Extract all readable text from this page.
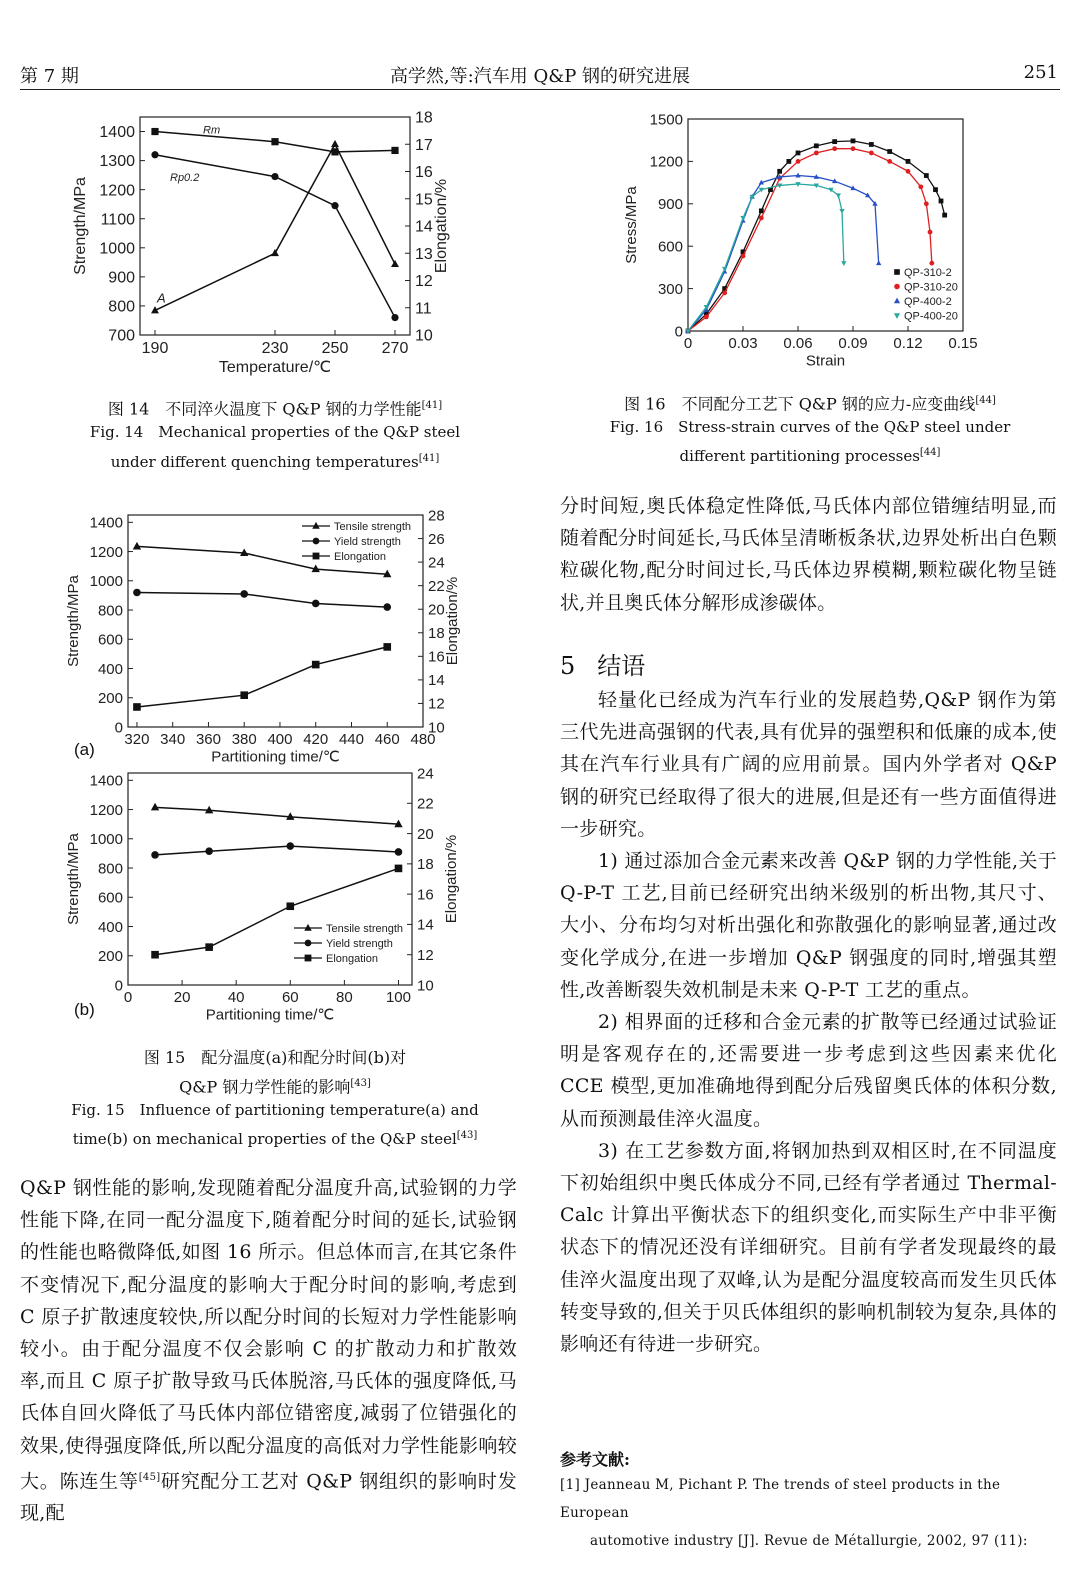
第 7 期	高学然,等:汽车用 Q&P 钢的研究进展	251
190	230 250 270
700
800
900
1000
1100
1200
1300
1400
10
11
12
13
14
15
16
17
18
Temperature/℃
Strength/MPa	Elongation/%
Rm
Rp0.2
A
图 14　不同淬火温度下 Q&P 钢的力学性能[41]
Fig. 14　Mechanical properties of the Q&P steel
under different quenching temperatures[41]
320 340 360 380 400 420 440 460 480
0
200
400
600
800
1000
1200
1400
10
12
14
16
18
20
22
24
26
28
Partitioning time/℃
Strength/MPa	Elongation/%
Tensile strength
Yield strength
Elongation
(a)
0	20 40 60 80 100
0
200
400
600
800
1000
1200
1400
10
12
14
16
18
20
22
24
Partitioning time/℃
Strength/MPa	Elongation/%
Tensile strength
Yield strength
Elongation
(b)
图 15　配分温度(a)和配分时间(b)对
Q&P 钢力学性能的影响[43]
Fig. 15　Influence of partitioning temperature(a) and
time(b) on mechanical properties of the Q&P steel[43]
0 0.03 0.06 0.09 0.12 0.15
0
300
600
900
1200
1500
Strain
Stress/MPa
QP-310-2
QP-310-20
QP-400-2
QP-400-20
图 16　不同配分工艺下 Q&P 钢的应力-应变曲线[44]
Fig. 16　Stress-strain curves of the Q&P steel under
different partitioning processes[44]

Q&P 钢性能的影响,发现随着配分温度升高,试验钢的力学性能下降,在同一配分温度下,随着配分时间的延长,试验钢的性能也略微降低,如图 16 所示。但总体而言,在其它条件不变情况下,配分温度的影响大于配分时间的影响,考虑到 C 原子扩散速度较快,所以配分时间的长短对力学性能影响较小。由于配分温度不仅会影响 C 的扩散动力和扩散效率,而且 C 原子扩散导致马氏体脱溶,马氏体的强度降低,马氏体自回火降低了马氏体内部位错密度,减弱了位错强化的效果,使得强度降低,所以配分温度的高低对力学性能影响较大。陈连生等[45]研究配分工艺对 Q&P 钢组织的影响时发现,配

分时间短,奥氏体稳定性降低,马氏体内部位错缠结明显,而随着配分时间延长,马氏体呈清晰板条状,边界处析出白色颗粒碳化物,配分时间过长,马氏体边界模糊,颗粒碳化物呈链状,并且奥氏体分解形成渗碳体。

5 结语

轻量化已经成为汽车行业的发展趋势,Q&P 钢作为第三代先进高强钢的代表,具有优异的强塑积和低廉的成本,使其在汽车行业具有广阔的应用前景。国内外学者对 Q&P 钢的研究已经取得了很大的进展,但是还有一些方面值得进一步研究。

1) 通过添加合金元素来改善 Q&P 钢的力学性能,关于 Q-P-T 工艺,目前已经研究出纳米级别的析出物,其尺寸、大小、分布均匀对析出强化和弥散强化的影响显著,通过改变化学成分,在进一步增加 Q&P 钢强度的同时,增强其塑性,改善断裂失效机制是未来 Q-P-T 工艺的重点。

2) 相界面的迁移和合金元素的扩散等已经通过试验证明是客观存在的,还需要进一步考虑到这些因素来优化 CCE 模型,更加准确地得到配分后残留奥氏体的体积分数,从而预测最佳淬火温度。

3) 在工艺参数方面,将钢加热到双相区时,在不同温度下初始组织中奥氏体成分不同,已经有学者通过 Thermal-Calc 计算出平衡状态下的组织变化,而实际生产中非平衡状态下的情况还没有详细研究。目前有学者发现最终的最佳淬火温度出现了双峰,认为是配分温度较高而发生贝氏体转变导致的,但关于贝氏体组织的影响机制较为复杂,具体的影响还有待进一步研究。

参考文献:
[1] Jeanneau M, Pichant P. The trends of steel products in the European
automotive industry [J]. Revue de Métallurgie, 2002, 97 (11):
